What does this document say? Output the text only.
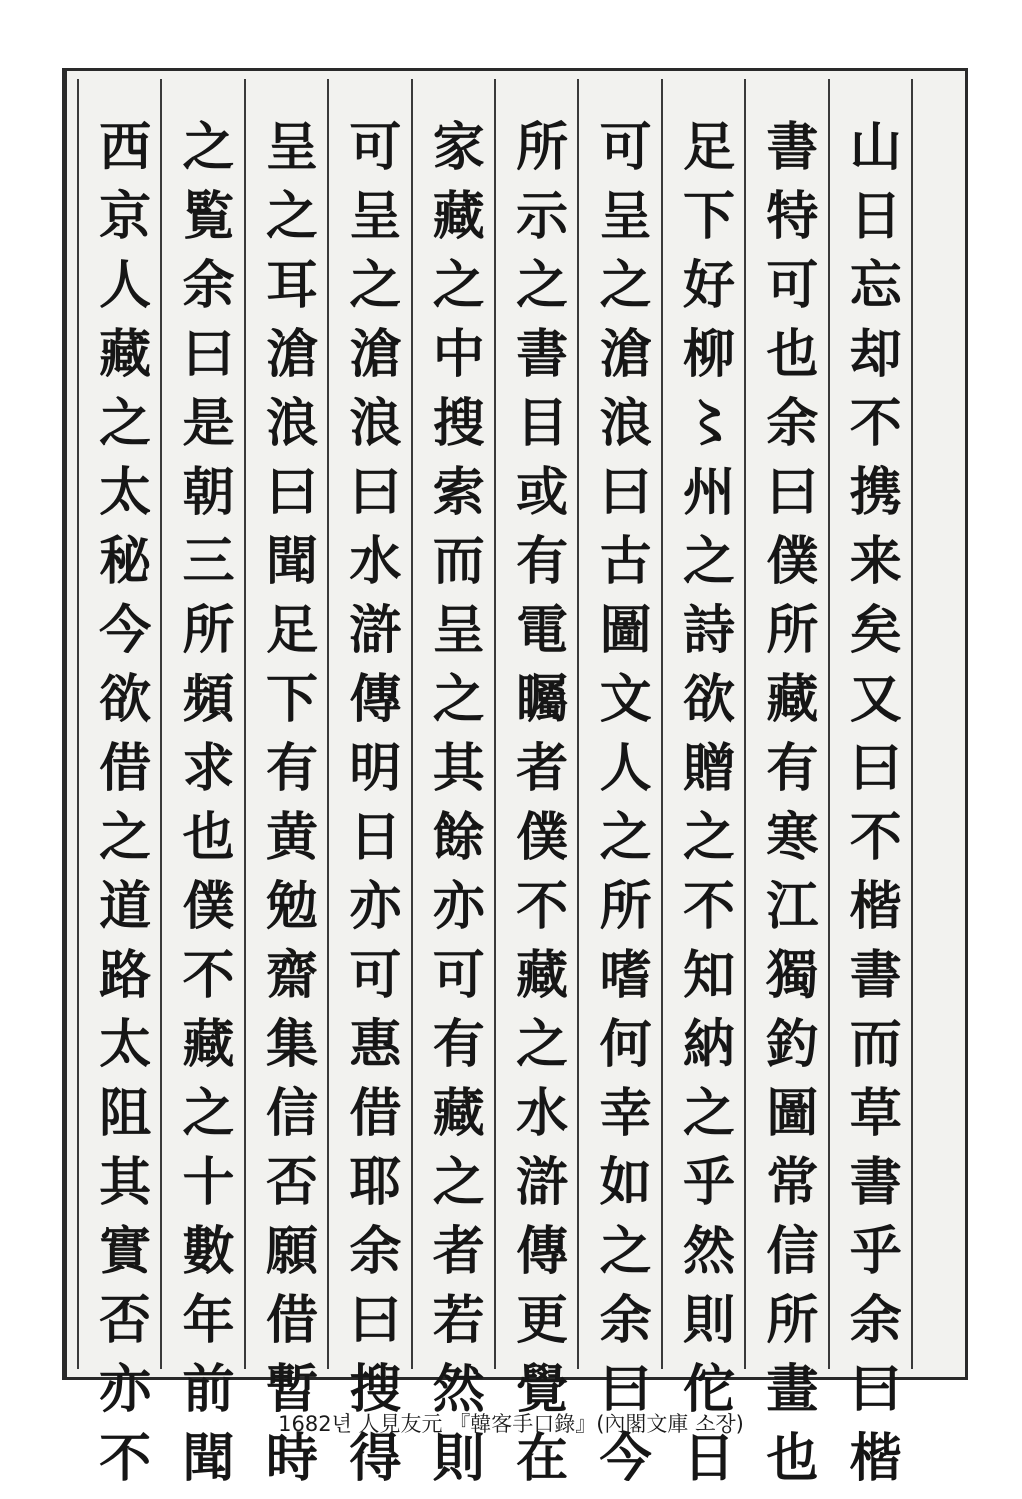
山日忘却不携来矣又曰不楷書而草書乎余曰楷
書特可也余曰僕所藏有寒江獨釣圖常信所畫也
足下好柳〻州之詩欲贈之不知納之乎然則佗日
可呈之滄浪曰古圖文人之所嗜何幸如之余曰今
所示之書目或有電矚者僕不藏之水滸傳更覺在
家藏之中搜索而呈之其餘亦可有藏之者若然則
可呈之滄浪曰水滸傳明日亦可惠借耶余曰搜得
呈之耳滄浪曰聞足下有黄勉齋集信否願借暫時
之覧余曰是朝三所頻求也僕不藏之十數年前聞
西京人藏之太秘今欲借之道路太阻其實否亦不	1682년 人見友元 『韓客手口錄』(內閣文庫 소장)
